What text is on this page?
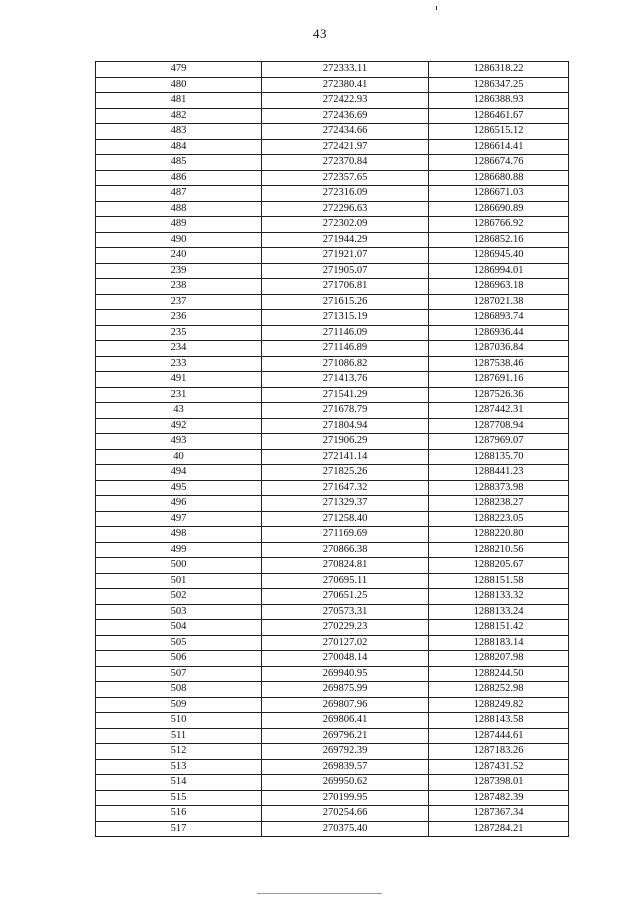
43
479	272333.11	1286318.22
480	272380.41	1286347.25
481	272422.93	1286388.93
482	272436.69	1286461.67
483	272434.66	1286515.12
484	272421.97	1286614.41
485	272370.84	1286674.76
486	272357.65	1286680.88
487	272316.09	1286671.03
488	272296.63	1286690.89
489	272302.09	1286766.92
490	271944.29	1286852.16
240	271921.07	1286945.40
239	271905.07	1286994.01
238	271706.81	1286963.18
237	271615.26	1287021.38
236	271315.19	1286893.74
235	271146.09	1286936.44
234	271146.89	1287036.84
233	271086.82	1287538.46
491	271413.76	1287691.16
231	271541.29	1287526.36
43	271678.79	1287442.31
492	271804.94	1287708.94
493	271906.29	1287969.07
40	272141.14	1288135.70
494	271825.26	1288441.23
495	271647.32	1288373.98
496	271329.37	1288238.27
497	271258.40	1288223.05
498	271169.69	1288220.80
499	270866.38	1288210.56
500	270824.81	1288205.67
501	270695.11	1288151.58
502	270651.25	1288133.32
503	270573.31	1288133.24
504	270229.23	1288151.42
505	270127.02	1288183.14
506	270048.14	1288207.98
507	269940.95	1288244.50
508	269875.99	1288252.98
509	269807.96	1288249.82
510	269806.41	1288143.58
511	269796.21	1287444.61
512	269792.39	1287183.26
513	269839.57	1287431.52
514	269950.62	1287398.01
515	270199.95	1287482.39
516	270254.66	1287367.34
517	270375.40	1287284.21
